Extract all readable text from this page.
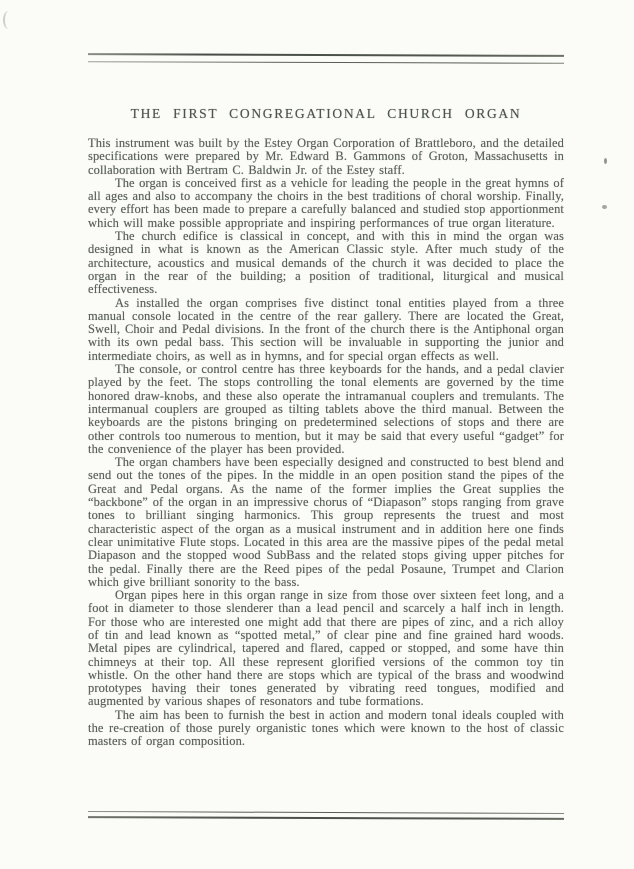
THE FIRST CONGREGATIONAL CHURCH ORGAN

This instrument was built by the Estey Organ Corporation of Brattleboro, and the detailed specifications were prepared by Mr. Edward B. Gammons of Groton, Massachusetts in collaboration with Bertram C. Baldwin Jr. of the Estey staff.

The organ is conceived first as a vehicle for leading the people in the great hymns of all ages and also to accompany the choirs in the best traditions of choral worship. Finally, every effort has been made to prepare a carefully balanced and studied stop apportionment which will make possible appropriate and inspiring performances of true organ literature.

The church edifice is classical in concept, and with this in mind the organ was designed in what is known as the American Classic style. After much study of the architecture, acoustics and musical demands of the church it was decided to place the organ in the rear of the building; a position of traditional, liturgical and musical effectiveness.

As installed the organ comprises five distinct tonal entities played from a three manual console located in the centre of the rear gallery. There are located the Great, Swell, Choir and Pedal divisions. In the front of the church there is the Antiphonal organ with its own pedal bass. This section will be invaluable in supporting the junior and intermediate choirs, as well as in hymns, and for special organ effects as well.

The console, or control centre has three keyboards for the hands, and a pedal clavier played by the feet. The stops controlling the tonal elements are governed by the time honored draw-knobs, and these also operate the intramanual couplers and tremulants. The intermanual couplers are grouped as tilting tablets above the third manual. Between the keyboards are the pistons bringing on predetermined selections of stops and there are other controls too numerous to mention, but it may be said that every useful “gadget” for the convenience of the player has been provided.

The organ chambers have been especially designed and constructed to best blend and send out the tones of the pipes. In the middle in an open position stand the pipes of the Great and Pedal organs. As the name of the former implies the Great supplies the “backbone” of the organ in an impressive chorus of “Diapason” stops ranging from grave tones to brilliant singing harmonics. This group represents the truest and most characteristic aspect of the organ as a musical instrument and in addition here one finds clear unimitative Flute stops. Located in this area are the massive pipes of the pedal metal Diapason and the stopped wood SubBass and the related stops giving upper pitches for the pedal. Finally there are the Reed pipes of the pedal Posaune, Trumpet and Clarion which give brilliant sonority to the bass.

Organ pipes here in this organ range in size from those over sixteen feet long, and a foot in diameter to those slenderer than a lead pencil and scarcely a half inch in length. For those who are interested one might add that there are pipes of zinc, and a rich alloy of tin and lead known as “spotted metal,” of clear pine and fine grained hard woods. Metal pipes are cylindrical, tapered and flared, capped or stopped, and some have thin chimneys at their top. All these represent glorified versions of the common toy tin whistle. On the other hand there are stops which are typical of the brass and woodwind prototypes having their tones generated by vibrating reed tongues, modified and augmented by various shapes of resonators and tube formations.

The aim has been to furnish the best in action and modern tonal ideals coupled with the re-creation of those purely organistic tones which were known to the host of classic masters of organ composition.
